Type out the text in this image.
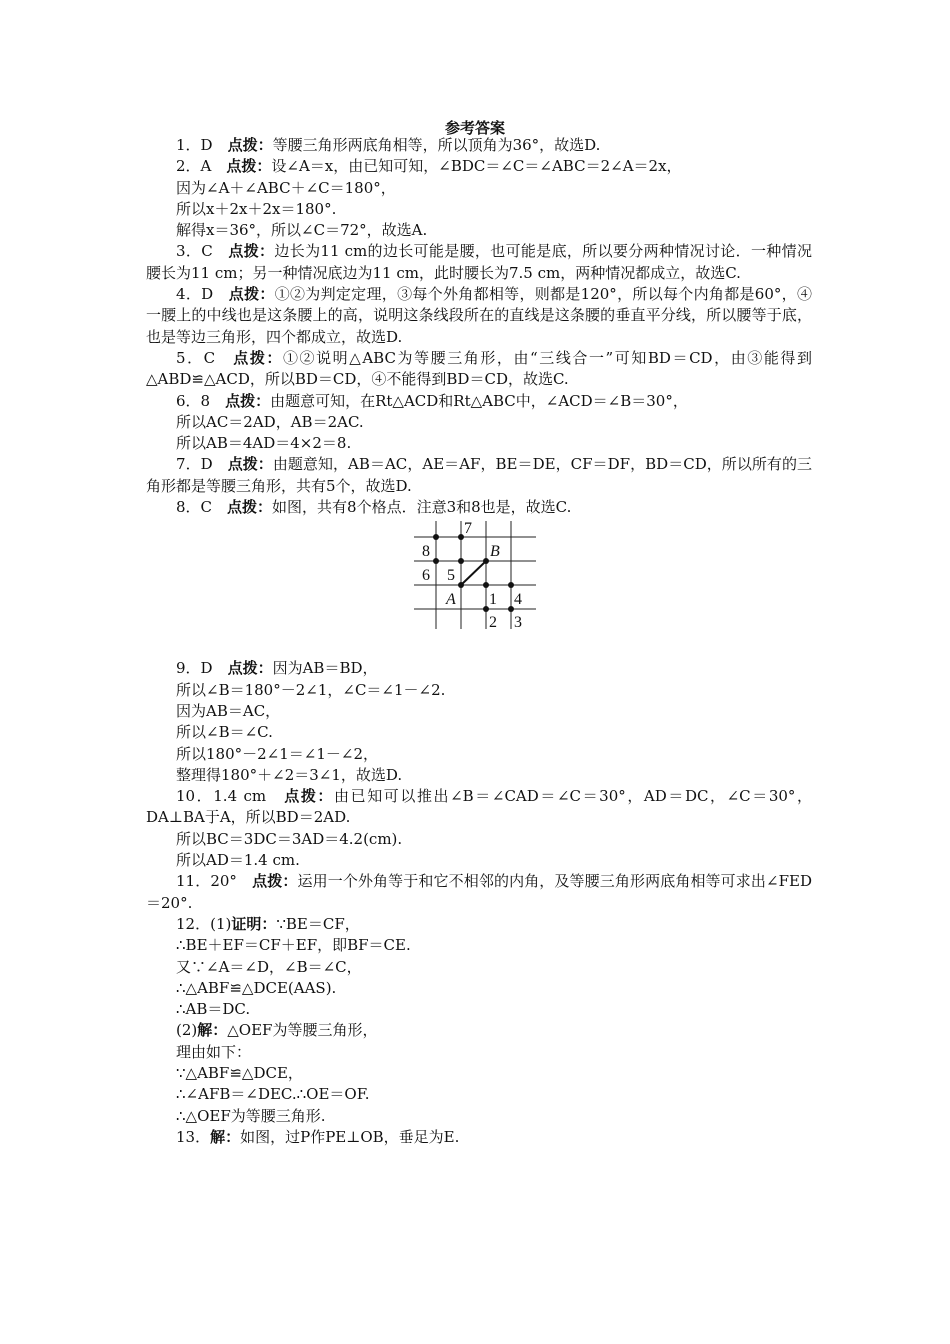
参考答案
1．D　点拨：等腰三角形两底角相等，所以顶角为36°，故选D.
2．A　点拨：设∠A＝x，由已知可知，∠BDC＝∠C＝∠ABC＝2∠A＝2x，
因为∠A＋∠ABC＋∠C＝180°，
所以x＋2x＋2x＝180°.
解得x＝36°，所以∠C＝72°，故选A.
3．C　点拨：边长为11 cm的边长可能是腰，也可能是底，所以要分两种情况讨论．一种情况腰长为11 cm；另一种情况底边为11 cm，此时腰长为7.5 cm，两种情况都成立，故选C.
4．D　点拨：①②为判定定理，③每个外角都相等，则都是120°，所以每个内角都是60°，④一腰上的中线也是这条腰上的高，说明这条线段所在的直线是这条腰的垂直平分线，所以腰等于底，也是等边三角形，四个都成立，故选D.
5．C　点拨：①②说明△ABC为等腰三角形，由“三线合一”可知BD＝CD，由③能得到△ABD≌△ACD，所以BD＝CD，④不能得到BD＝CD，故选C.
6．8　点拨：由题意可知，在Rt△ACD和Rt△ABC中，∠ACD＝∠B＝30°，
所以AC＝2AD，AB＝2AC.
所以AB＝4AD＝4×2＝8.
7．D　点拨：由题意知，AB＝AC，AE＝AF，BE＝DE，CF＝DF，BD＝CD，所以所有的三角形都是等腰三角形，共有5个，故选D.
8．C　点拨：如图，共有8个格点．注意3和8也是，故选C.
7
B
8
6 5
A 1 4
2 3
9．D　点拨：因为AB＝BD，
所以∠B＝180°－2∠1，∠C＝∠1－∠2.
因为AB＝AC，
所以∠B＝∠C.
所以180°－2∠1＝∠1－∠2，
整理得180°＋∠2＝3∠1，故选D.
10．1.4 cm　点拨：由已知可以推出∠B＝∠CAD＝∠C＝30°，AD＝DC，∠C＝30°，DA⊥BA于A，所以BD＝2AD.
所以BC＝3DC＝3AD＝4.2(cm).
所以AD＝1.4 cm.
11．20°　点拨：运用一个外角等于和它不相邻的内角，及等腰三角形两底角相等可求出∠FED＝20°.
12．(1)证明：∵BE＝CF，
∴BE＋EF＝CF＋EF，即BF＝CE.
又∵∠A＝∠D，∠B＝∠C，
∴△ABF≌△DCE(AAS).
∴AB＝DC.
(2)解：△OEF为等腰三角形，
理由如下：
∵△ABF≌△DCE，
∴∠AFB＝∠DEC.∴OE＝OF.
∴△OEF为等腰三角形.
13．解：如图，过P作PE⊥OB，垂足为E.
